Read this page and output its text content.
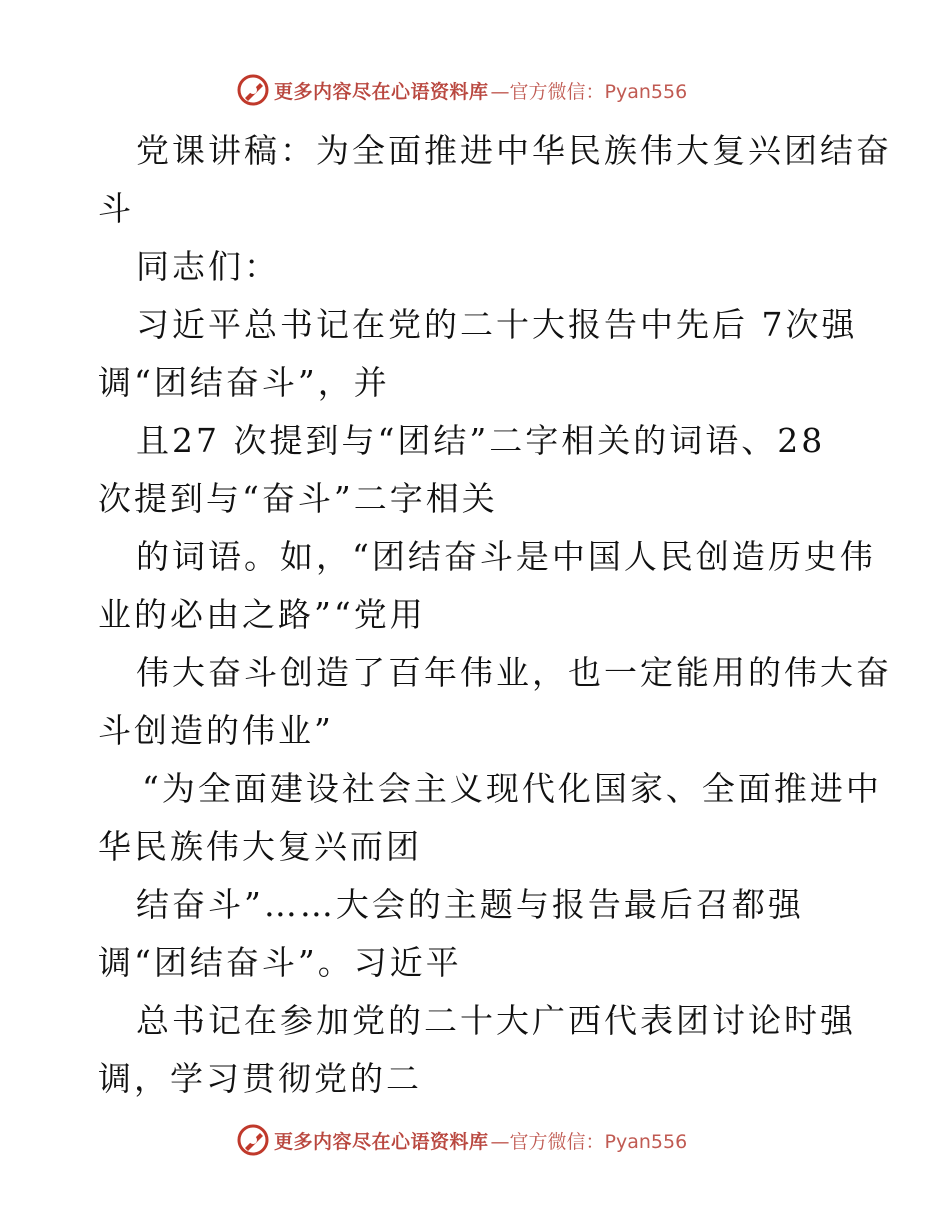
更多内容尽在心语资料库 —官方微信：Pyan556
党课讲稿：为全面推进中华民族伟大复兴团结奋
斗
同志们：
习近平总书记在党的二十大报告中先后 7次强
调“团结奋斗”，并
且27 次提到与“团结”二字相关的词语、28
次提到与“奋斗”二字相关
的词语。如，“团结奋斗是中国人民创造历史伟
业的必由之路”“党用
伟大奋斗创造了百年伟业，也一定能用的伟大奋
斗创造的伟业”
“为全面建设社会主义现代化国家、全面推进中
华民族伟大复兴而团
结奋斗”……大会的主题与报告最后召都强
调“团结奋斗”。习近平
总书记在参加党的二十大广西代表团讨论时强
调，学习贯彻党的二
更多内容尽在心语资料库 —官方微信：Pyan556
